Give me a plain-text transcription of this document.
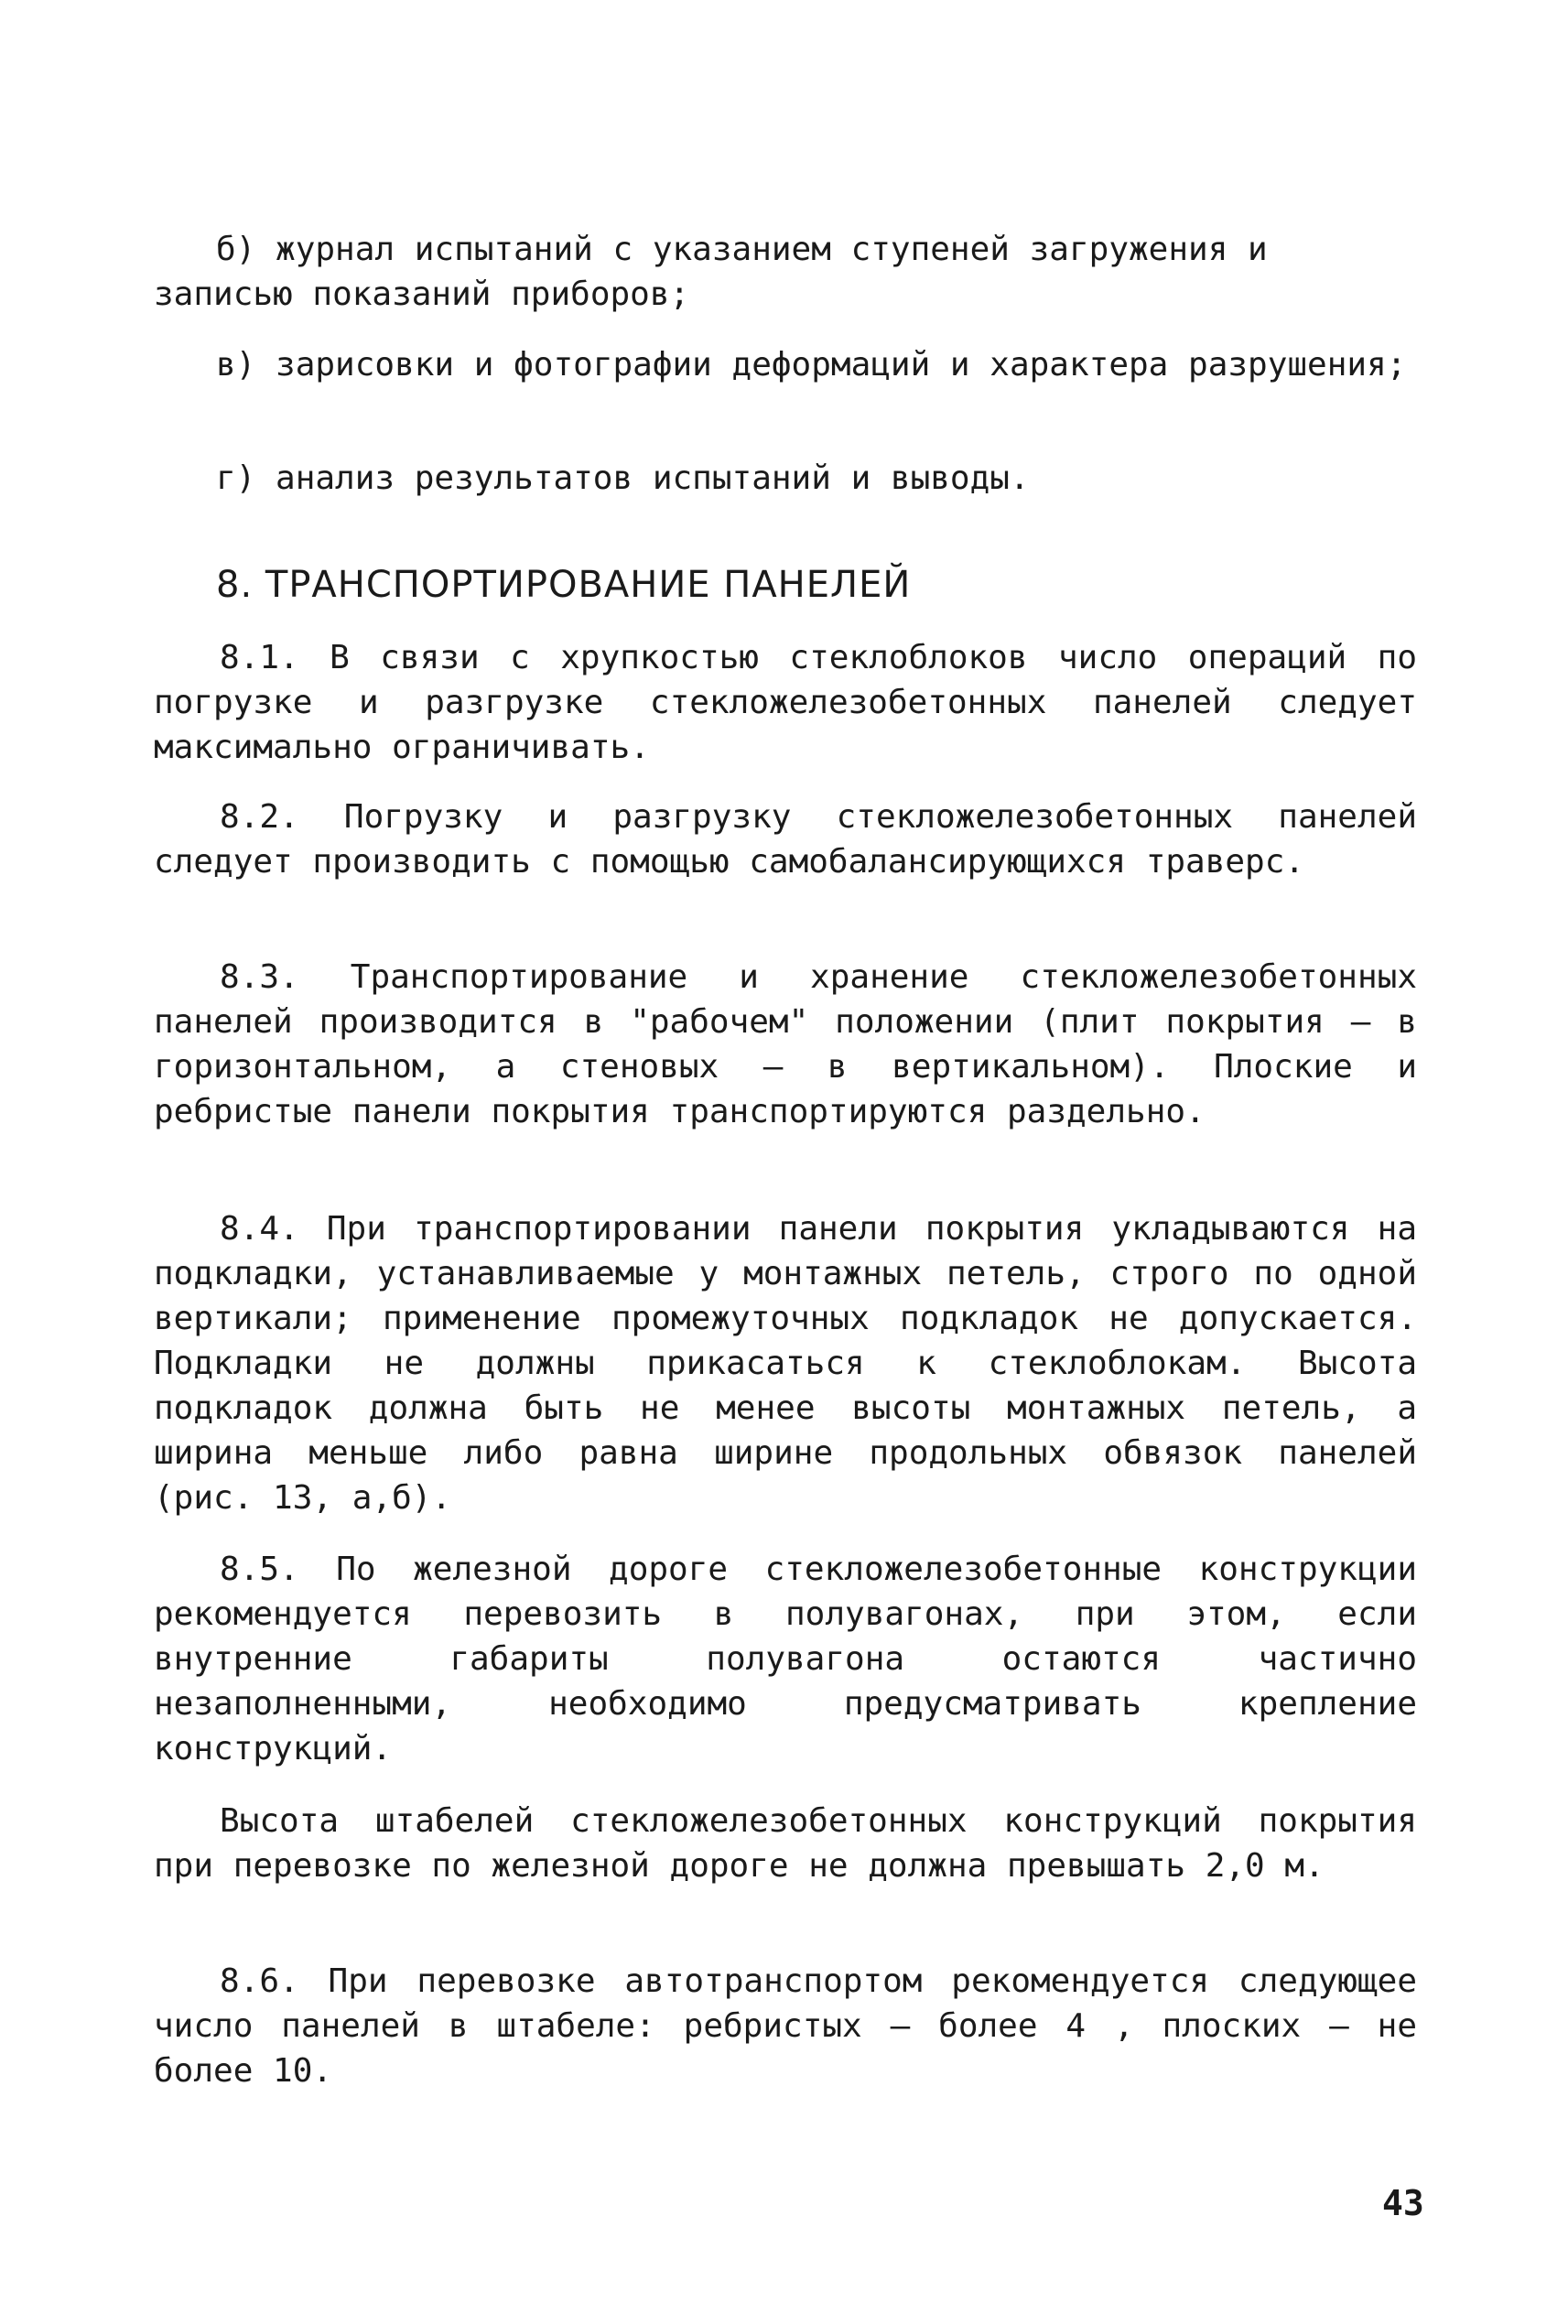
б) журнал испытаний с указанием ступеней загружения и записью показаний приборов;

в) зарисовки и фотографии деформаций и характера разрушения;

г) анализ результатов испытаний и выводы.

8. ТРАНСПОРТИРОВАНИЕ ПАНЕЛЕЙ

8.1. В связи с хрупкостью стеклоблоков число операций по погрузке и разгрузке стекложелезобетонных панелей следует максимально ограничивать.

8.2. Погрузку и разгрузку стекложелезобетонных панелей следует производить с помощью самобалансирующихся траверс.

8.3. Транспортирование и хранение стекложелезобетонных панелей производится в "рабочем" положении (плит покрытия – в горизонтальном, а стеновых – в вертикальном). Плоские и ребристые панели покрытия транспортируются раздельно.

8.4. При транспортировании панели покрытия укладываются на подкладки, устанавливаемые у монтажных петель, строго по одной вертикали; применение промежуточных подкладок не допускается. Подкладки не должны прикасаться к стеклоблокам. Высота подкладок должна быть не менее высоты монтажных петель, а ширина меньше либо равна ширине продольных обвязок панелей (рис. 13, а,б).

8.5. По железной дороге стекложелезобетонные конструкции рекомендуется перевозить в полувагонах, при этом, если внутренние габариты полувагона остаются частично незаполненными, необходимо предусматривать крепление конструкций.

Высота штабелей стекложелезобетонных конструкций покрытия при перевозке по железной дороге не должна превышать 2,0 м.

8.6. При перевозке автотранспортом рекомендуется следующее число панелей в штабеле: ребристых – более 4 , плоских – не более 10.

43
